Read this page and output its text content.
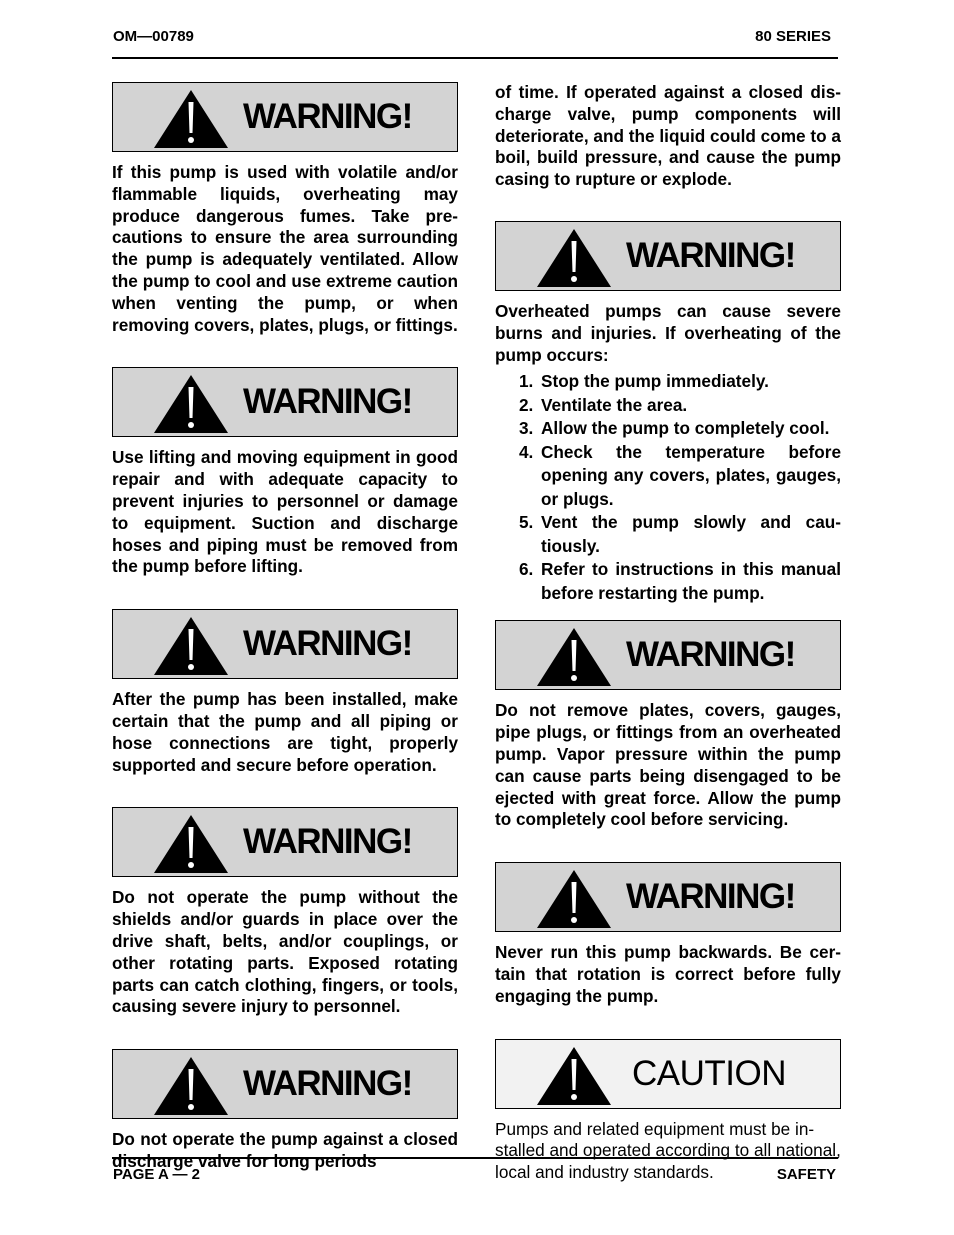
OM—00789	80 SERIES
WARNING!

If this pump is used with volatile and/or flammable liquids, overheating may produce dangerous fumes. Take precautions to ensure the area surrounding the pump is adequately ventilated. Allow the pump to cool and use extreme caution when venting the pump, or when removing covers, plates, plugs, or fittings.

WARNING!

Use lifting and moving equipment in good repair and with adequate capacity to prevent injuries to personnel or damage to equipment. Suction and discharge hoses and piping must be removed from the pump before lifting.

WARNING!

After the pump has been installed, make certain that the pump and all piping or hose connections are tight, properly supported and secure before operation.

WARNING!

Do not operate the pump without the shields and/or guards in place over the drive shaft, belts, and/or couplings, or other rotating parts. Exposed rotating parts can catch clothing, fingers, or tools, causing severe injury to personnel.

WARNING!

Do not operate the pump against a closed discharge valve for long periods

of time. If operated against a closed discharge valve, pump components will deteriorate, and the liquid could come to a boil, build pressure, and cause the pump casing to rupture or explode.

WARNING!

Overheated pumps can cause severe burns and injuries. If overheating of the pump occurs:

1. Stop the pump immediately.
2. Ventilate the area.
3. Allow the pump to completely cool.
4. Check the temperature before opening any covers, plates, gauges, or plugs.
5. Vent the pump slowly and cautiously.
6. Refer to instructions in this manual before restarting the pump.
WARNING!

Do not remove plates, covers, gauges, pipe plugs, or fittings from an overheated pump. Vapor pressure within the pump can cause parts being disengaged to be ejected with great force. Allow the pump to completely cool before servicing.

WARNING!

Never run this pump backwards. Be certain that rotation is correct before fully engaging the pump.

CAUTION

Pumps and related equipment must be installed and operated according to all national, local and industry standards.

PAGE A — 2	SAFETY
